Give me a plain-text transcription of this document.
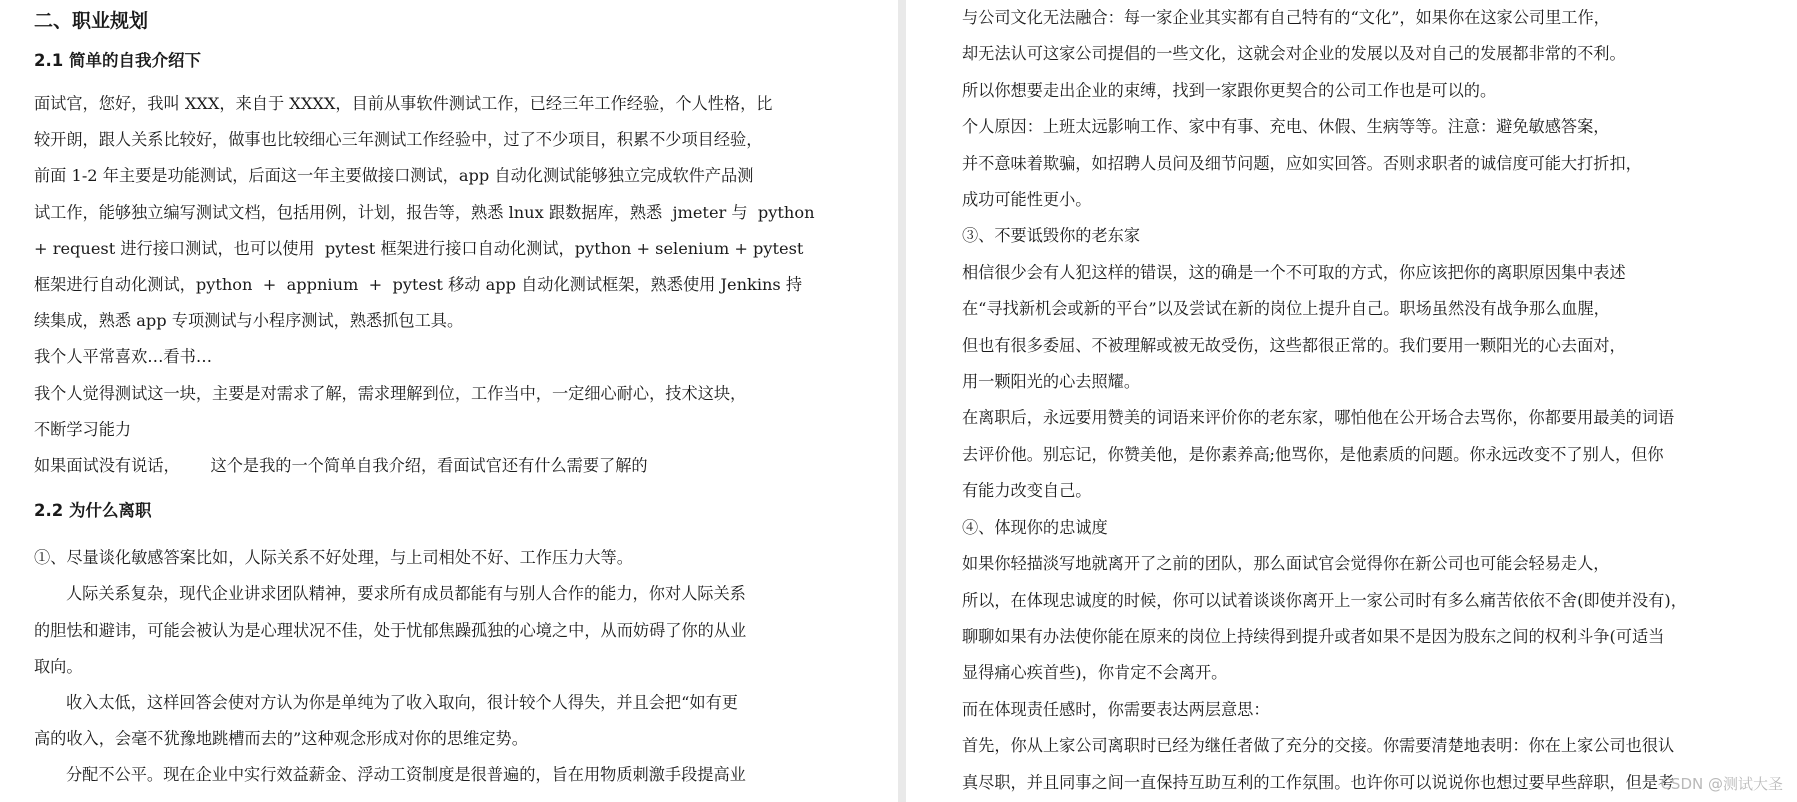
二、职业规划
2.1 简单的自我介绍下
面试官，您好，我叫 XXX，来自于 XXXX，目前从事软件测试工作，已经三年工作经验，个人性格，比
较开朗，跟人关系比较好，做事也比较细心三年测试工作经验中，过了不少项目，积累不少项目经验，
前面 1-2 年主要是功能测试，后面这一年主要做接口测试，app 自动化测试能够独立完成软件产品测
试工作，能够独立编写测试文档，包括用例，计划，报告等，熟悉 lnux 跟数据库，熟悉  jmeter 与  python
+ request 进行接口测试，也可以使用  pytest 框架进行接口自动化测试，python + selenium + pytest
框架进行自动化测试，python  +  appnium  +  pytest 移动 app 自动化测试框架，熟悉使用 Jenkins 持
续集成，熟悉 app 专项测试与小程序测试，熟悉抓包工具。
我个人平常喜欢…看书…
我个人觉得测试这一块，主要是对需求了解，需求理解到位，工作当中，一定细心耐心，技术这块，
不断学习能力
如果面试没有说话，      这个是我的一个简单自我介绍，看面试官还有什么需要了解的
2.2 为什么离职
①、尽量谈化敏感答案比如，人际关系不好处理，与上司相处不好、工作压力大等。
人际关系复杂，现代企业讲求团队精神，要求所有成员都能有与别人合作的能力，你对人际关系
的胆怯和避讳，可能会被认为是心理状况不佳，处于忧郁焦躁孤独的心境之中，从而妨碍了你的从业
取向。
收入太低，这样回答会使对方认为你是单纯为了收入取向，很计较个人得失，并且会把“如有更
高的收入，会毫不犹豫地跳槽而去的”这种观念形成对你的思维定势。
分配不公平。现在企业中实行效益薪金、浮动工资制度是很普遍的，旨在用物质刺激手段提高业
与公司文化无法融合：每一家企业其实都有自己特有的“文化”，如果你在这家公司里工作，
却无法认可这家公司提倡的一些文化，这就会对企业的发展以及对自己的发展都非常的不利。
所以你想要走出企业的束缚，找到一家跟你更契合的公司工作也是可以的。
个人原因：上班太远影响工作、家中有事、充电、休假、生病等等。注意：避免敏感答案，
并不意味着欺骗，如招聘人员问及细节问题，应如实回答。否则求职者的诚信度可能大打折扣，
成功可能性更小。
③、不要诋毁你的老东家
相信很少会有人犯这样的错误，这的确是一个不可取的方式，你应该把你的离职原因集中表述
在“寻找新机会或新的平台”以及尝试在新的岗位上提升自己。职场虽然没有战争那么血腥，
但也有很多委屈、不被理解或被无故受伤，这些都很正常的。我们要用一颗阳光的心去面对，
用一颗阳光的心去照耀。
在离职后，永远要用赞美的词语来评价你的老东家，哪怕他在公开场合去骂你，你都要用最美的词语
去评价他。别忘记，你赞美他，是你素养高;他骂你，是他素质的问题。你永远改变不了别人，但你
有能力改变自己。
④、体现你的忠诚度
如果你轻描淡写地就离开了之前的团队，那么面试官会觉得你在新公司也可能会轻易走人，
所以，在体现忠诚度的时候，你可以试着谈谈你离开上一家公司时有多么痛苦依依不舍(即使并没有)，
聊聊如果有办法使你能在原来的岗位上持续得到提升或者如果不是因为股东之间的权利斗争(可适当
显得痛心疾首些)，你肯定不会离开。
而在体现责任感时，你需要表达两层意思：
首先，你从上家公司离职时已经为继任者做了充分的交接。你需要清楚地表明：你在上家公司也很认
真尽职，并且同事之间一直保持互助互利的工作氛围。也许你可以说说你也想过要早些辞职，但是考
CSDN @测试大圣
